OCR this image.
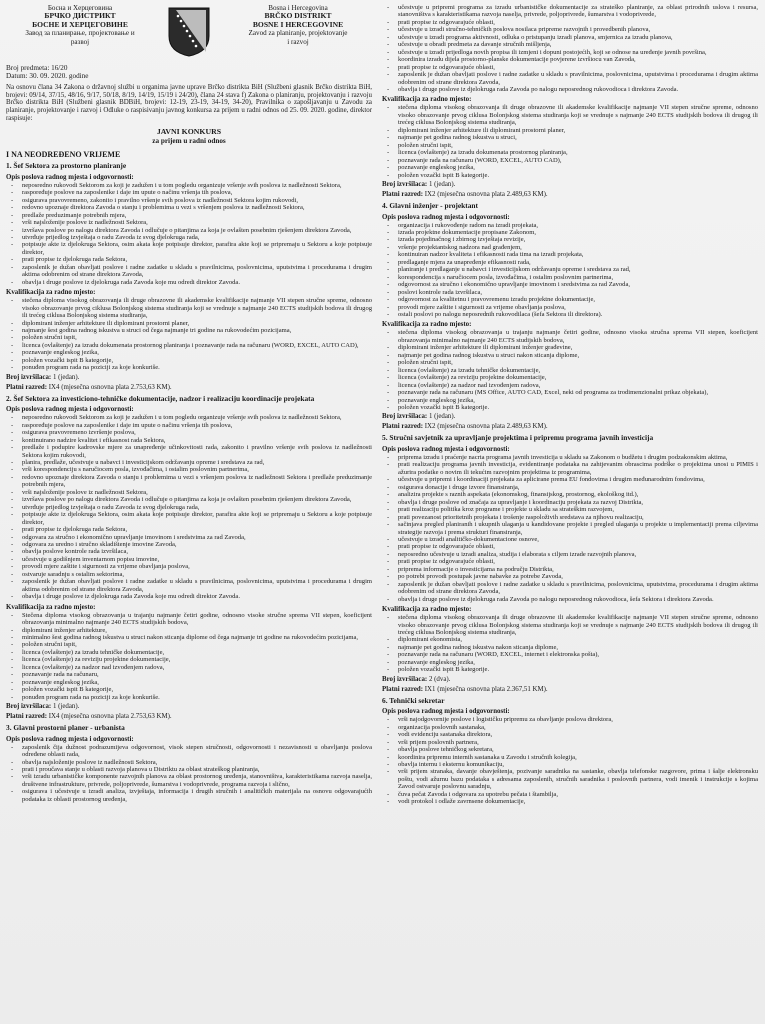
Босна и Херцеговина
БРЧКО ДИСТРИКТ
БОСНЕ И ХЕРЦЕГОВИНЕ
Завод за планирање, пројектовање и
развој
Bosna i Hercegovina
BRČKO DISTRIKT
BOSNE I HERCEGOVINE
Zavod za planiranje, projektovanje
i razvoj
Broj predmeta: 16/20
Datum: 30. 09. 2020. godine
Na osnovu člana 34 Zakona o državnoj službi u organima javne uprave Brčko distrikta BiH (Službeni glasnik Brčko distrikta BiH, brojevi: 09/14, 37/15, 48/16, 9/17, 50/18, 8/19, 14/19, 15/19 i 24/20), člana 24 stava f) Zakona o planiranju, projektovanju i razvoju Brčko distrikta BiH (Službeni glasnik BDBiH, brojevi: 12-19, 23-19, 34-19, 34-20), Pravilnika o zapošljavanju u Zavodu za planiranje, projektovanje i razvoj i Odluke o raspisivanju javnog konkursa za prijem u radni odnos od 25. 09. 2020. godine, direktor raspisuje:
JAVNI KONKURS
za prijem u radni odnos
I NA NEODREĐENO VRIJEME
1. Šef Sektora za prostorno planiranje
Opis poslova radnog mjesta i odgovornosti:
- neposredno rukovodi Sektorom za koji je zadužen i u tom pogledu organizuje vršenje svih poslova iz nadležnosti Sektora,
- raspoređuje poslove na zaposlenike i daje im upute o načinu vršenja tih poslova,
- osigurava pravovremeno, zakonito i pravilno vršenje svih poslova iz nadležnosti Sektora kojim rukovodi,
- redovno upoznaje direktora Zavoda o stanju i problemima u vezi s vršenjem poslova iz nadležnosti Sektora,
- predlaže preduzimanje potrebnih mjera,
- vrši najsloženije poslove iz nadležnosti Sektora,
- izvršava poslove po nalogu direktora Zavoda i odlučuje o pitanjima za koja je ovlašten posebnim rješenjem direktora Zavoda,
- utvrđuje prijedlog izvještaja o radu Zavoda iz svog djelokruga rada,
- potpisuje akte iz djelokruga Sektora, osim akata koje potpisuje direktor, parafira akte koji se pripremaju u Sektoru a koje potpisuje direktor,
- prati propise iz djelokruga rada Sektora,
- zaposlenik je dužan obavljati poslove i radne zadatke u skladu s pravilnicima, poslovnicima, uputstvima i procedurama i drugim aktima odobrenim od strane direktora Zavoda,
- obavlja i druge poslove iz djelokruga rada Zavoda koje mu odredi direktor Zavoda.
Kvalifikacija za radno mjesto:
- stečena diploma visokog obrazovanja ili druge obrazovne ili akademske kvalifikacije najmanje VII stepen stručne spreme, odnosno visoko obrazovanje prvog ciklusa Bolonjskog sistema studiranja koji se vrednuje s najmanje 240 ECTS studijskih bodova ili drugog ili trećeg ciklusa Bolonjskog sistema studiranja,
- diplomirani inženjer arhitekture ili diplomirani prostorni planer,
- najmanje šest godina radnog iskustva u struci od čega najmanje tri godine na rukovodećim pozicijama,
- položen stručni ispit,
- licenca (ovlaštenje) za izradu dokumenata prostornog planiranja i poznavanje rada na računaru (WORD, EXCEL, AUTO CAD),
- poznavanje engleskog jezika,
- položen vozački ispit B kategorije,
- ponuđen program rada na poziciji za koje konkuriše.
Broj izvršilaca: 1 (jedan).
Platni razred: IX4 (mjesečna osnovna plata 2.753,63 KM).
2. Šef Sektora za investiciono-tehničke dokumentacije, nadzor i realizaciju koordinacije projekata
Opis poslova radnog mjesta i odgovornosti:
- neposredno rukovodi Sektorom za koji je zadužen i u tom pogledu organizuje vršenje svih poslova iz nadležnosti Sektora,
- raspoređuje poslove na zaposlenike i daje im upute o načinu vršenja tih poslova,
- osigurava pravovremeno izvršenje poslova,
- kontinuirano nadzire kvalitet i efikasnost rada Sektora,
- predlaže i podupire kadrovske mjere za unapređenje učinkovitosti rada, zakonito i pravilno vršenje svih poslova iz nadležnosti Sektora kojim rukovodi,
- planira, predlaže, učestvuje u nabavci i investicijskom održavanju opreme i sredstava za rad,
- vrši korespondenciju s naručiocem posla, izvođačima, i ostalim poslovnim partnerima,
- redovno upoznaje direktora Zavoda o stanju i problemima u vezi s vršenjem poslova iz nadležnosti Sektora i predlaže preduzimanje potrebnih mjera,
- vrši najsloženije poslove iz nadležnosti Sektora,
- izvršava poslove po nalogu direktora Zavoda i odlučuje o pitanjima za koja je ovlašten posebnim rješenjem direktora Zavoda,
- utvrđuje prijedlog izvještaja o radu Zavoda iz svog djelokruga rada,
- potpisuje akte iz djelokruga Sektora, osim akata koje potpisuje direktor, parafira akte koji se pripremaju u Sektoru a koje potpisuje direktor,
- prati propise iz djelokruga rada Sektora,
- odgovara za stručno i ekonomično upravljanje imovinom i sredstvima za rad Zavoda,
- odgovara za uredno i stručno skladištenje imovine Zavoda,
- obavlja poslove kontrole rada izvršilaca,
- učestvuje u godišnjem inventarnom popisu imovine,
- provodi mjere zaštite i sigurnosti za vrijeme obavljanja poslova,
- ostvaruje saradnju s ostalim sektorima,
- zaposlenik je dužan obavljati poslove i radne zadatke u skladu s pravilnicima, poslovnicima, uputstvima i procedurama i drugim aktima odobrenim od strane direktora Zavoda,
- obavlja i druge poslove iz djelokruga rada Zavoda koje mu odredi direktor Zavoda.
Kvalifikacija za radno mjesto:
- Stečena diploma visokog obrazovanja u trajanju najmanje četiri godine, odnosno visoke stručne sprema VII stepen, koeficijent obrazovanja minimalno najmanje 240 ECTS studijskih bodova,
- diplomirani inženjer arhitekture,
- minimalno šest godina radnog iskustva u struci nakon sticanja diplome od čega najmanje tri godine na rukovodećim pozicijama,
- položen stručni ispit,
- licenca (ovlaštenje) za izradu tehničke dokumentacije,
- licenca (ovlaštenje) za reviziju projektne dokumentacije,
- licenca (ovlaštenje) za nadzor nad izvođenjem radova,
- poznavanje rada na računaru,
- poznavanje engleskog jezika,
- položen vozački ispit B kategorije,
- ponuđen program rada na poziciji za koje konkuriše.
Broj izvršilaca: 1 (jedan).
Platni razred: IX4 (mjesečna osnovna plata 2.753,63 KM).
3. Glavni prostorni planer - urbanista
Opis poslova radnog mjesta i odgovornosti:
- zaposlenik čija dužnost podrazumijeva odgovornost, visok stepen stručnosti, odgovornosti i nezavisnosti u obavljanju poslova određene oblasti rada,
- obavlja najsloženije poslove iz nadležnosti Sektora,
- prati i proučava stanje u oblasti razvoja planova u Distriktu za oblast strateškog planiranja,
- vrši izradu urbanističke komponente razvojnih planova za oblast prostornog uređenja, stanovništva, karakteristikama razvoja naselja, društvene infrastrukture, privrede, poljoprivrede, šumarstva i vodoprivrede, programa razvoja i slično,
- osigurava i učestvuje u izradi analiza, izvještaja, informacija i drugih stručnih i analitičkih materijala na osnovu odgovarajućih podataka iz oblasti prostornog uređenja,
- učestvuje u pripremi programa za izradu urbanističke dokumentacije za strateško planiranje, za oblast prirodnih uslova i resursa, stanovništva s karakteristikama razvoja naselja, privrede, poljoprivrede, šumarstva i vodoprivrede,
- prati propise iz odgovarajuće oblasti,
- učestvuje u izradi stručno-tehničkih poslova nosilaca pripreme razvojnih i provedbenih planova,
- učestvuje u izradi programa aktivnosti, odluka o pristupanju izradi planova, smjernica za izradu planova,
- učestvuje u obradi predmeta za davanje stručnih mišljenja,
- učestvuje u izradi prijedloga novih propisa ili izmjeni i dopuni postojećih, koji se odnose na uređenje javnih površina,
- koordinira izradu dijela prostorno-planske dokumentacije povjerene izvršiocu van Zavoda,
- prati propise iz odgovarajuće oblasti,
- zaposlenik je dužan obavljati poslove i radne zadatke u skladu s pravilnicima, poslovnicima, uputstvima i procedurama i drugim aktima odobrenim od strane direktora Zavoda,
- obavlja i druge poslove iz djelokruga rada Zavoda po nalogu neposrednog rukovodioca i direktora Zavoda.
Kvalifikacija za radno mjesto:
- stečena diploma visokog obrazovanja ili druge obrazovne ili akademske kvalifikacije najmanje VII stepen stručne spreme, odnosno visoko obrazovanje prvog ciklusa Bolonjskog sistema studiranja koji se vrednuje s najmanje 240 ECTS studijskih bodova ili drugog ili trećeg ciklusa Bolonjskog sistema studiranja,
- diplomirani inženjer arhitekture ili diplomirani prostorni planer,
- najmanje pet godina radnog iskustva u struci,
- položen stručni ispit,
- licenca (ovlaštenje) za izradu dokumenata prostornog planiranja,
- poznavanje rada na računaru (WORD, EXCEL, AUTO CAD),
- poznavanje engleskog jezika,
- položen vozački ispit B kategorije.
Broj izvršilaca: 1 (jedan).
Platni razred: IX2 (mjesečna osnovna plata 2.489,63 KM).
4. Glavni inženjer - projektant
Opis poslova radnog mjesta i odgovornosti:
- organizacija i rukovođenje radom na izradi projekata,
- izrada projektne dokumentacije propisane Zakonom,
- izrada pojedinačnog i zbirnog izvještaja revizije,
- vršenje projektantskog nadzora nad građenjem,
- kontinuiran nadzor kvaliteta i efikasnosti rada tima na izradi projekata,
- predlaganje mjera za unapređenje efikasnosti rada,
- planiranje i predlaganje u nabavci i investicijskom održavanju opreme i sredstava za rad,
- korespondencija s naručiocem posla, izvođačima, i ostalim poslovnim partnerima,
- odgovornost za stručno i ekonomično upravljanje imovinom i sredstvima za rad Zavoda,
- poslovi kontrole rada izvršilaca,
- odgovornost za kvalitetnu i pravovremenu izradu projektne dokumentacije,
- provodi mjere zaštite i sigurnosti za vrijeme obavljanja poslova,
- ostali poslovi po nalogu neposrednih rukovodilaca (šefa Sektora ili direktora).
Kvalifikacija za radno mjesto:
- stečena diploma visokog obrazovanja u trajanju najmanje četiri godine, odnosno visoka stručna sprema VII stepen, koeficijent obrazovanja minimalno najmanje 240 ECTS studijskih bodova,
- diplomirani inženjer arhitekture ili diplomirani inženjer građevine,
- najmanje pet godina radnog iskustva u struci nakon sticanja diplome,
- položen stručni ispit,
- licenca (ovlaštenje) za izradu tehničke dokumentacije,
- licenca (ovlaštenje) za reviziju projektne dokumentacije,
- licenca (ovlaštenje) za nadzor nad izvođenjem radova,
- poznavanje rada na računaru (MS Office, AUTO CAD, Excel, neki od programa za trodimenzionalni prikaz objekata),
- poznavanje engleskog jezika,
- položen vozački ispit B kategorije.
Broj izvršilaca: 1 (jedan).
Platni razred: IX2 (mjesečna osnovna plata 2.489,63 KM).
5. Stručni savjetnik za upravljanje projektima i pripremu programa javnih investicija
Opis poslova radnog mjesta i odgovornosti:
- priprema izradu i praćenje nacrta programa javnih investicija u skladu sa Zakonom o budžetu i drugim podzakonskim aktima,
- prati realizaciju programa javnih investicija, evidentiranje podataka na zahtjevanim obrascima podrške o projektima unosi u PIMIS i ažurira podatke o novim ili tekućim razvojnim projektima iz programima,
- učestvuje u pripremi i koordinaciji projekata za aplicirane prema EU fondovima i drugim međunarodnim fondovima,
- osigurava donacije i druge izvore finansiranja,
- analizira projekte s raznih aspekata (ekonomskog, finansijskog, prostornog, ekološkog itd.),
- obavlja i druge poslove od značaja za upravljanje i koordinaciju projekata za razvoj Distrikta,
- prati realizaciju politika kroz programe i projekte u skladu sa strateškim razvojem,
- prati povezanost prioritetnih projekata i trošenje raspoloživih sredstava za njihovu realizaciju,
- sačinjava pregled planiranih i ukupnih ulaganja u kandidovane projekte i pregled ulaganja u projekte u implementaciji prema ciljevima strategije razvoja i prema strukturi finansiranja,
- učestvuje u izradi analitičko-dokumentacione osnove,
- prati propise iz odgovarajuće oblasti,
- neposredno učestvuje u izradi analiza, studija i elaborata s ciljem izrade razvojnih planova,
- prati propise iz odgovarajuće oblasti,
- priprema informacije o investicijama na području Distrikta,
- po potrebi provodi postupak javne nabavke za potrebe Zavoda,
- zaposlenik je dužan obavljati poslove i radne zadatke u skladu s pravilnicima, poslovnicima, uputstvima, procedurama i drugim aktima odobrenim od strane direktora Zavoda,
- obavlja i druge poslove iz djelokruga rada Zavoda po nalogu neposrednog rukovodioca, šefa Sektora i direktora Zavoda.
Kvalifikacija za radno mjesto:
- stečena diploma visokog obrazovanja ili druge obrazovne ili akademske kvalifikacije najmanje VII stepen stručne spreme, odnosno visoko obrazovanje prvog ciklusa Bolonjskog sistema studiranja koji se vrednuje s najmanje 240 ECTS studijskih bodova ili drugog ili trećeg ciklusa Bolonjskog sistema studiranja,
- diplomirani ekonomista,
- najmanje pet godina radnog iskustva nakon sticanja diplome,
- poznavanje rada na računaru (WORD, EXCEL, internet i elektronska pošta),
- poznavanje engleskog jezika,
- položen vozački ispit B kategorije.
Broj izvršilaca: 2 (dva).
Platni razred: IX1 (mjesečna osnovna plata 2.367,51 KM).
6. Tehnički sekretar
Opis poslova radnog mjesta i odgovornosti:
- vrši najodgovornije poslove i logističku pripremu za obavljanje poslova direktora,
- organizacija poslovnih sastanaka,
- vodi evidenciju sastanaka direktora,
- vrši prijem poslovnih partnera,
- obavlja poslove tehničkog sekretara,
- koordinira pripremu internih sastanaka u Zavodu i stručnih kolegija,
- obavlja internu i eksternu komunikaciju,
- vrši prijem stranaka, davanje obavještenja, pozivanje saradnika na sastanke, obavlja telefonske razgovore, prima i šalje elektronsku poštu, vodi ažurnu bazu podataka s adresama zaposlenih, stručnih saradnika i poslovnih partnera, vodi imenik i instrukcije s kojima Zavod ostvaruje poslovnu saradnju,
- čuva pečat Zavoda i odgovara za upotrebu pečata i štambilja,
- vodi protokol i odlaže zavrnsene dokumentacije,
